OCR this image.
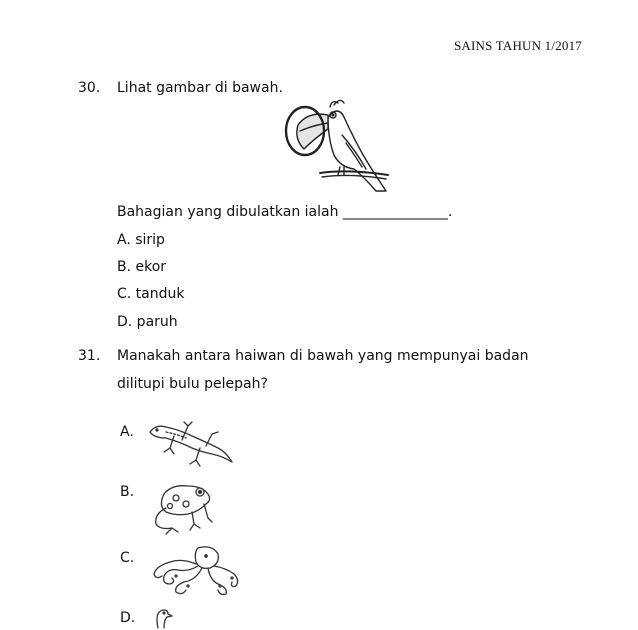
SAINS TAHUN 1/2017
30. Lihat gambar di bawah.
Bahagian yang dibulatkan ialah _______________.
A. sirip
B. ekor
C. tanduk
D. paruh
31. Manakah antara haiwan di bawah yang mempunyai badan
dilitupi bulu pelepah?
A.
B.
C.
D.
